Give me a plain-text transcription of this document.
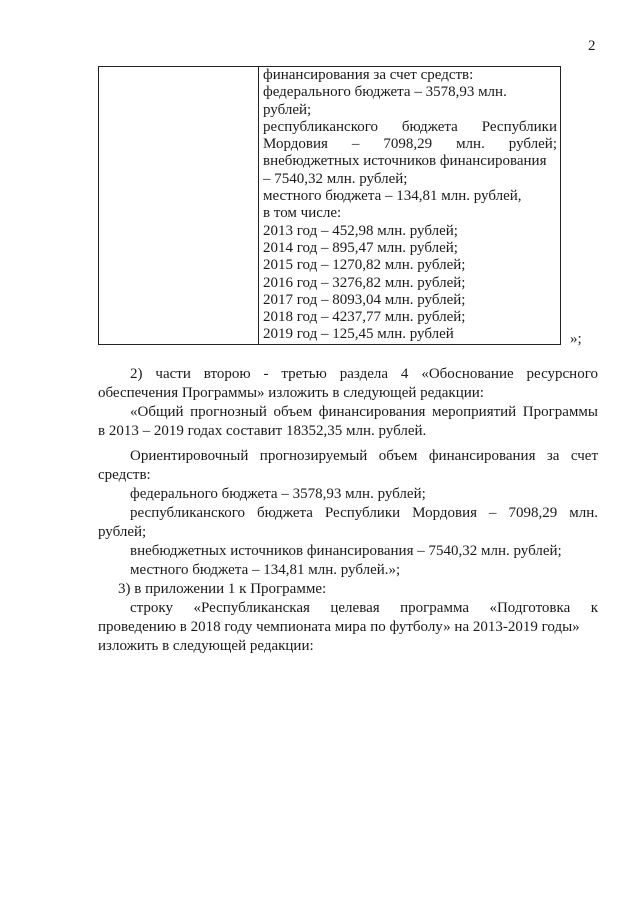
2

финансирования за счет средств:
федерального бюджета – 3578,93 млн.
рублей;
республиканского бюджета Республики
Мордовия – 7098,29 млн. рублей;
внебюджетных источников финансирования
– 7540,32 млн. рублей;
местного бюджета – 134,81 млн. рублей,
в том числе:
2013 год – 452,98 млн. рублей;
2014 год – 895,47 млн. рублей;
2015 год – 1270,82 млн. рублей;
2016 год – 3276,82 млн. рублей;
2017 год – 8093,04 млн. рублей;
2018 год – 4237,77 млн. рублей;
2019 год – 125,45 млн. рублей	»;

2) части второю - третью раздела 4 «Обоснование ресурсного

обеспечения Программы» изложить в следующей редакции:

«Общий прогнозный объем финансирования мероприятий Программы

в 2013 – 2019 годах составит 18352,35 млн. рублей.

Ориентировочный прогнозируемый объем финансирования за счет

средств:

федерального бюджета – 3578,93 млн. рублей;

республиканского бюджета Республики Мордовия – 7098,29 млн.

рублей;

внебюджетных источников финансирования – 7540,32 млн. рублей;

местного бюджета – 134,81 млн. рублей.»;

3) в приложении 1 к Программе:

строку «Республиканская целевая программа «Подготовка к

проведению в 2018 году чемпионата мира по футболу» на 2013-2019 годы»

изложить в следующей редакции:
